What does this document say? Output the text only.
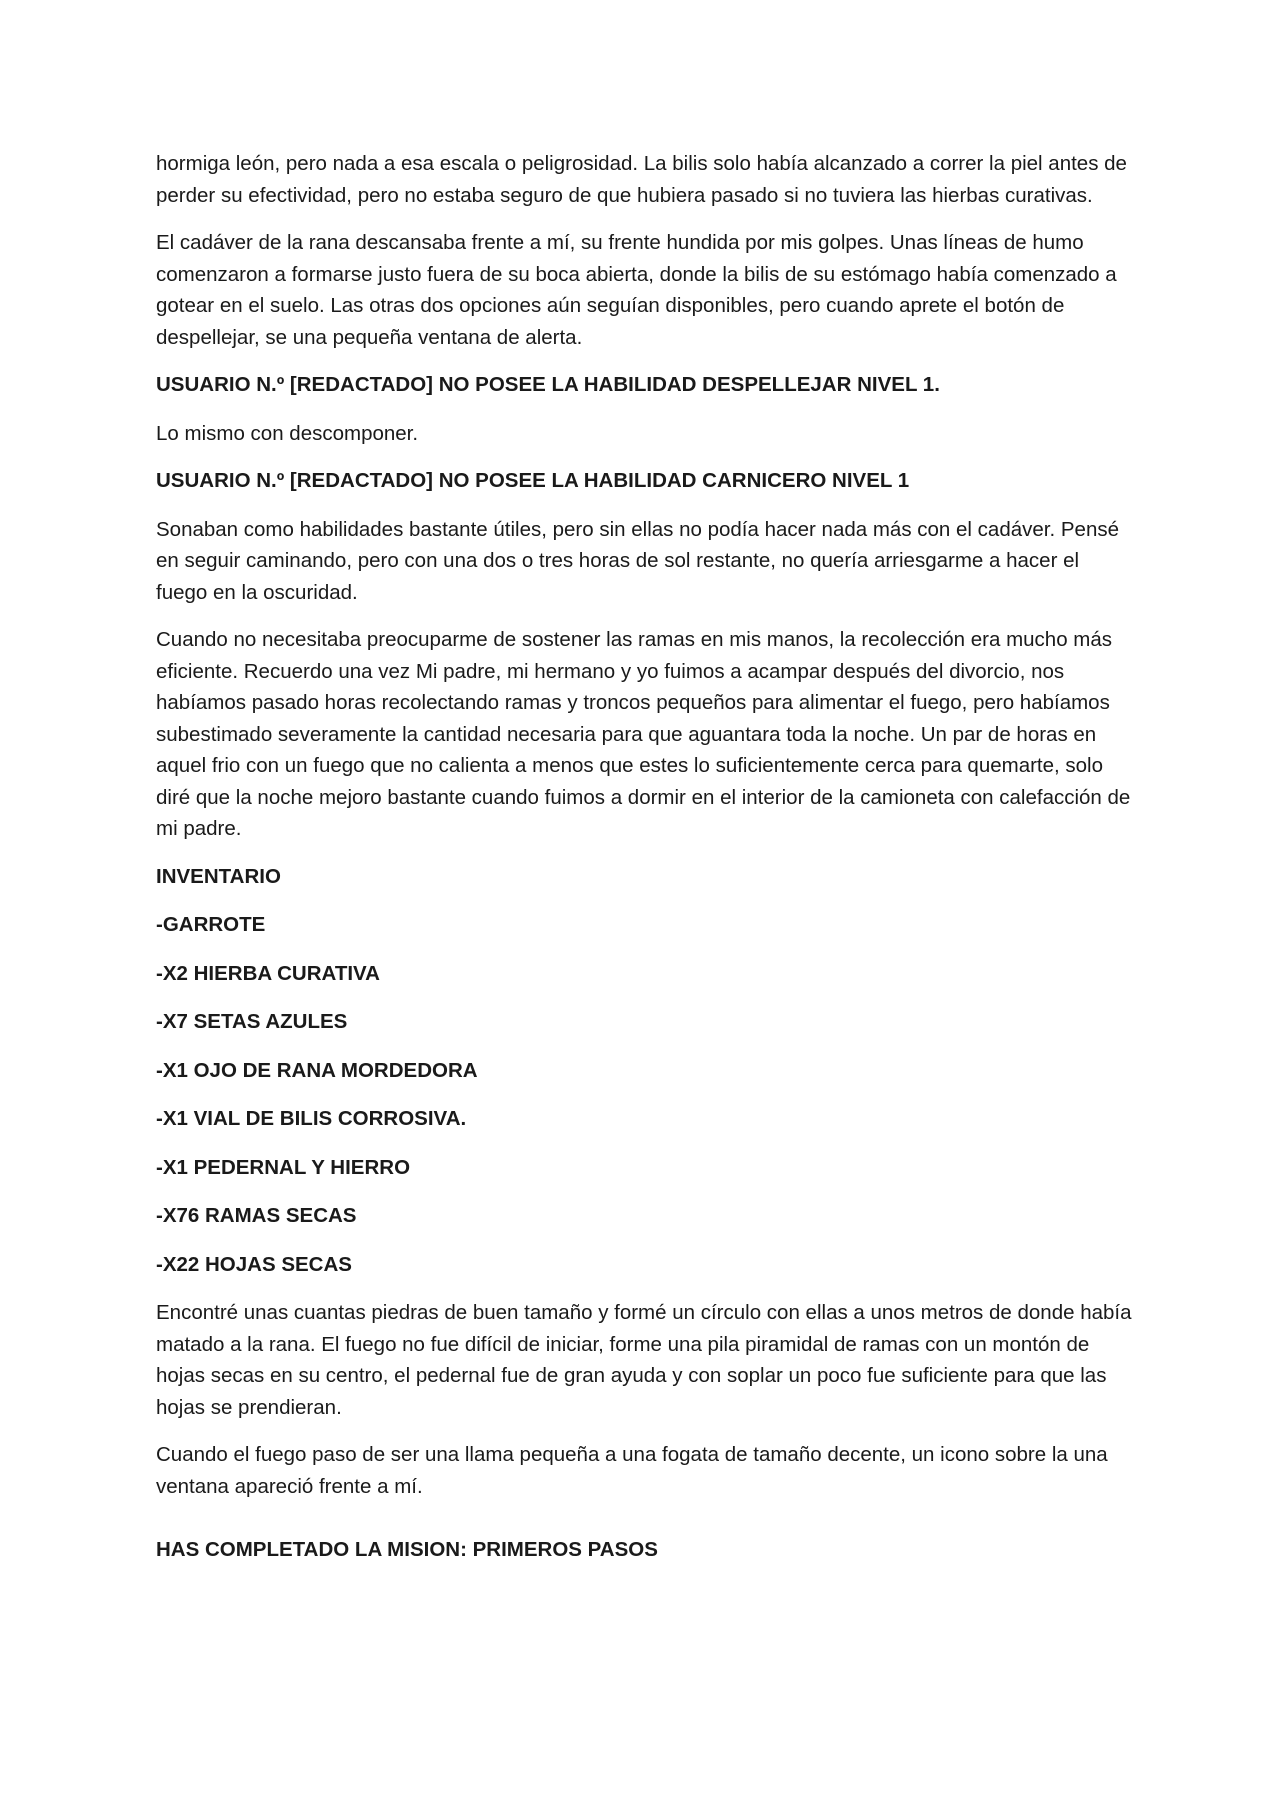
hormiga león, pero nada a esa escala o peligrosidad. La bilis solo había alcanzado a correr la piel antes de perder su efectividad, pero no estaba seguro de que hubiera pasado si no tuviera las hierbas curativas.

El cadáver de la rana descansaba frente a mí, su frente hundida por mis golpes. Unas líneas de humo comenzaron a formarse justo fuera de su boca abierta, donde la bilis de su estómago había comenzado a gotear en el suelo. Las otras dos opciones aún seguían disponibles, pero cuando aprete el botón de despellejar, se una pequeña ventana de alerta.

USUARIO N.º [REDACTADO] NO POSEE LA HABILIDAD DESPELLEJAR NIVEL 1.

Lo mismo con descomponer.

USUARIO N.º [REDACTADO] NO POSEE LA HABILIDAD CARNICERO NIVEL 1

Sonaban como habilidades bastante útiles, pero sin ellas no podía hacer nada más con el cadáver. Pensé en seguir caminando, pero con una dos o tres horas de sol restante, no quería arriesgarme a hacer el fuego en la oscuridad.

Cuando no necesitaba preocuparme de sostener las ramas en mis manos, la recolección era mucho más eficiente. Recuerdo una vez Mi padre, mi hermano y yo fuimos a acampar después del divorcio, nos habíamos pasado horas recolectando ramas y troncos pequeños para alimentar el fuego, pero habíamos subestimado severamente la cantidad necesaria para que aguantara toda la noche. Un par de horas en aquel frio con un fuego que no calienta a menos que estes lo suficientemente cerca para quemarte, solo diré que la noche mejoro bastante cuando fuimos a dormir en el interior de la camioneta con calefacción de mi padre.

INVENTARIO

-GARROTE

-X2 HIERBA CURATIVA

-X7 SETAS AZULES

-X1 OJO DE RANA MORDEDORA

-X1 VIAL DE BILIS CORROSIVA.

-X1 PEDERNAL Y HIERRO

-X76 RAMAS SECAS

-X22 HOJAS SECAS

Encontré unas cuantas piedras de buen tamaño y formé un círculo con ellas a unos metros de donde había matado a la rana. El fuego no fue difícil de iniciar, forme una pila piramidal de ramas con un montón de hojas secas en su centro, el pedernal fue de gran ayuda y con soplar un poco fue suficiente para que las hojas se prendieran.

Cuando el fuego paso de ser una llama pequeña a una fogata de tamaño decente, un icono sobre la una ventana apareció frente a mí.

HAS COMPLETADO LA MISION: PRIMEROS PASOS
